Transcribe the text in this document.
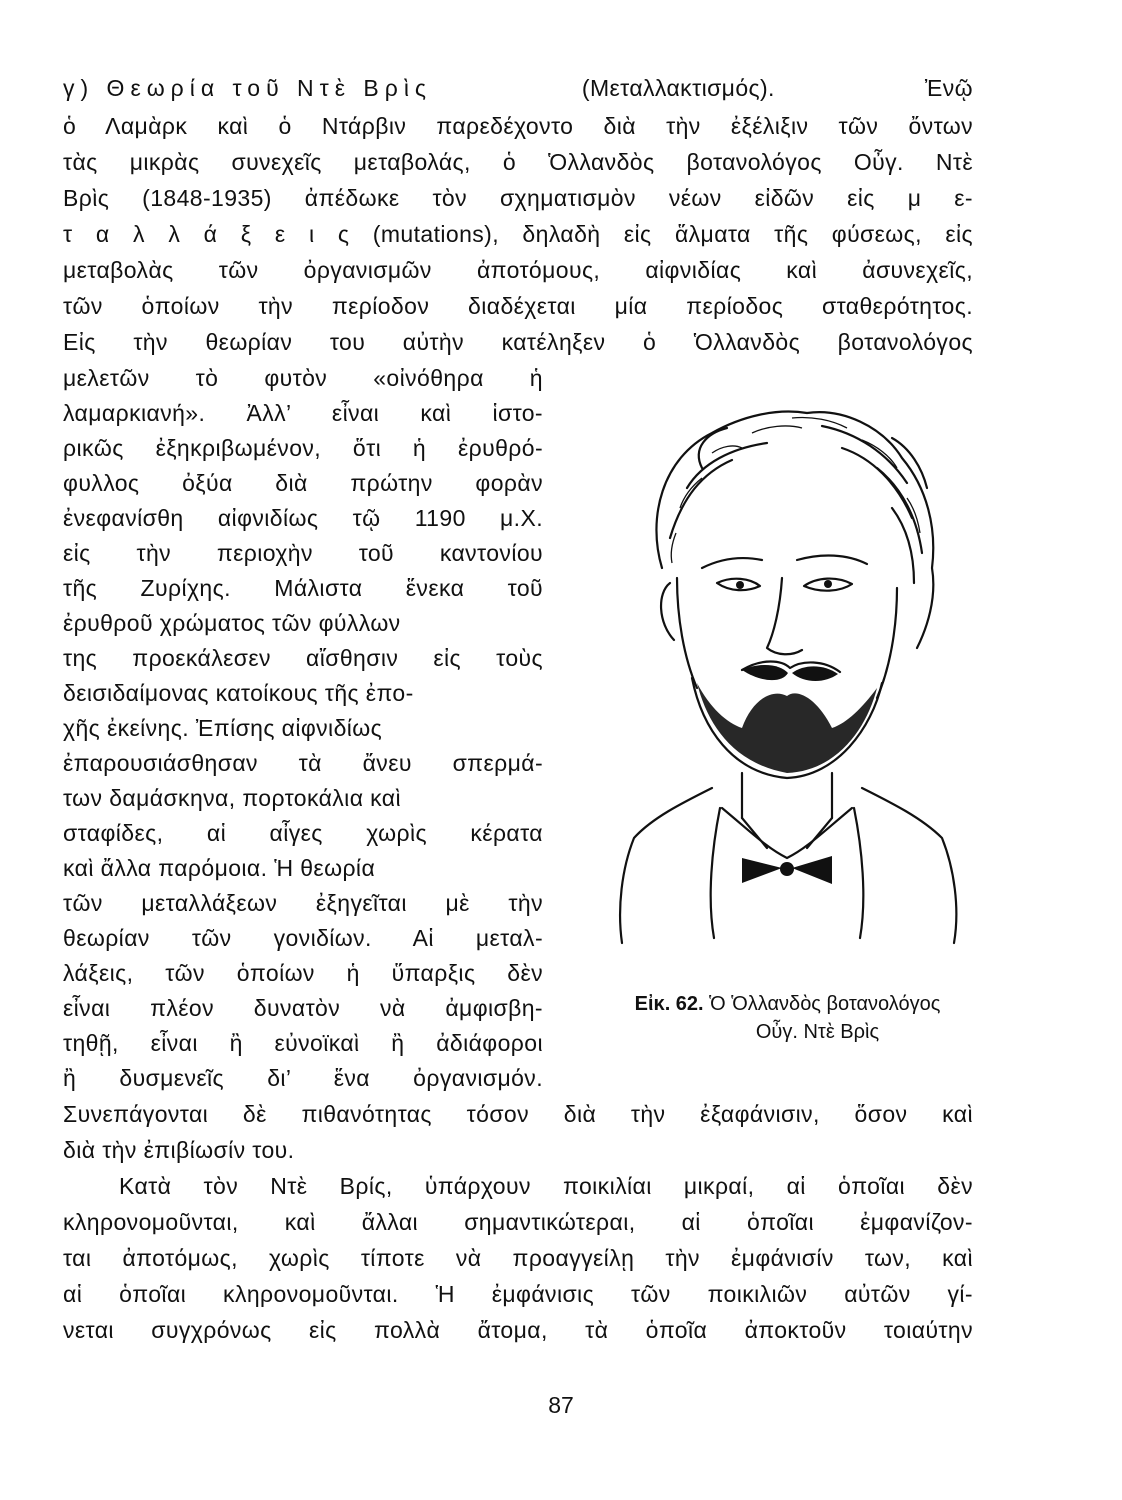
γ) Θεωρία τοῦ Ντὲ Βρὶς	(Μεταλλακτισμός).	Ἐνῷ
ὁ Λαμὰρκ καὶ ὁ Ντάρβιν παρεδέχοντο διὰ τὴν ἐξέλιξιν τῶν ὄντων
τὰς μικρὰς συνεχεῖς μεταβολάς, ὁ Ὁλλανδὸς βοτανολόγος Οὖγ. Ντὲ
Βρὶς (1848-1935) ἀπέδωκε τὸν σχηματισμὸν νέων εἰδῶν εἰς μ ε-
τ α λ λ ά ξ ε ι ς (mutations), δηλαδὴ εἰς ἅλματα τῆς φύσεως, εἰς
μεταβολὰς τῶν ὀργανισμῶν ἀποτόμους, αἰφνιδίας καὶ ἀσυνεχεῖς,
τῶν ὁποίων τὴν περίοδον διαδέχεται μία περίοδος σταθερότητος.
Εἰς τὴν θεωρίαν του αὐτὴν κατέληξεν ὁ Ὁλλανδὸς βοτανολόγος
μελετῶν τὸ φυτὸν «οἰνόθηρα ἡ
λαμαρκιανή». Ἀλλ’ εἶναι καὶ ἱστο-
ρικῶς ἐξηκριβωμένον, ὅτι ἡ ἐρυθρό-
φυλλος ὀξύα διὰ πρώτην φορὰν
ἐνεφανίσθη αἰφνιδίως τῷ 1190 μ.Χ.
εἰς τὴν περιοχὴν τοῦ καντονίου
τῆς Ζυρίχης. Μάλιστα ἕνεκα τοῦ
ἐρυθροῦ χρώματος τῶν φύλλων
της προεκάλεσεν αἴσθησιν εἰς τοὺς
δεισιδαίμονας κατοίκους τῆς ἐπο-
χῆς ἐκείνης. Ἐπίσης αἰφνιδίως
ἐπαρουσιάσθησαν τὰ ἄνευ σπερμά-
των δαμάσκηνα, πορτοκάλια καὶ
σταφίδες, αἱ αἶγες χωρὶς κέρατα
καὶ ἄλλα παρόμοια. Ἡ θεωρία
τῶν μεταλλάξεων ἐξηγεῖται μὲ τὴν
θεωρίαν τῶν γονιδίων. Αἱ μεταλ-
λάξεις, τῶν ὁποίων ἡ ὕπαρξις δὲν
εἶναι πλέον δυνατὸν νὰ ἀμφισβη-
τηθῇ, εἶναι ἢ εὐνοϊκαὶ ἢ ἀδιάφοροι
ἢ δυσμενεῖς δι’ ἕνα ὀργανισμόν.
Συνεπάγονται δὲ πιθανότητας τόσον διὰ τὴν ἐξαφάνισιν, ὅσον καὶ
διὰ τὴν ἐπιβίωσίν του.
Κατὰ τὸν Ντὲ Βρίς, ὑπάρχουν ποικιλίαι μικραί, αἱ ὁποῖαι δὲν
κληρονομοῦνται, καὶ ἄλλαι σημαντικώτεραι, αἱ ὁποῖαι ἐμφανίζον-
ται ἀποτόμως, χωρὶς τίποτε νὰ προαγγείλῃ τὴν ἐμφάνισίν των, καὶ
αἱ ὁποῖαι κληρονομοῦνται. Ἡ ἐμφάνισις τῶν ποικιλιῶν αὐτῶν γί-
νεται συγχρόνως εἰς πολλὰ ἄτομα, τὰ ὁποῖα ἀποκτοῦν τοιαύτην
Εἰκ. 62. Ὁ Ὁλλανδὸς βοτανολόγος
Οὖγ. Ντὲ Βρὶς
87
